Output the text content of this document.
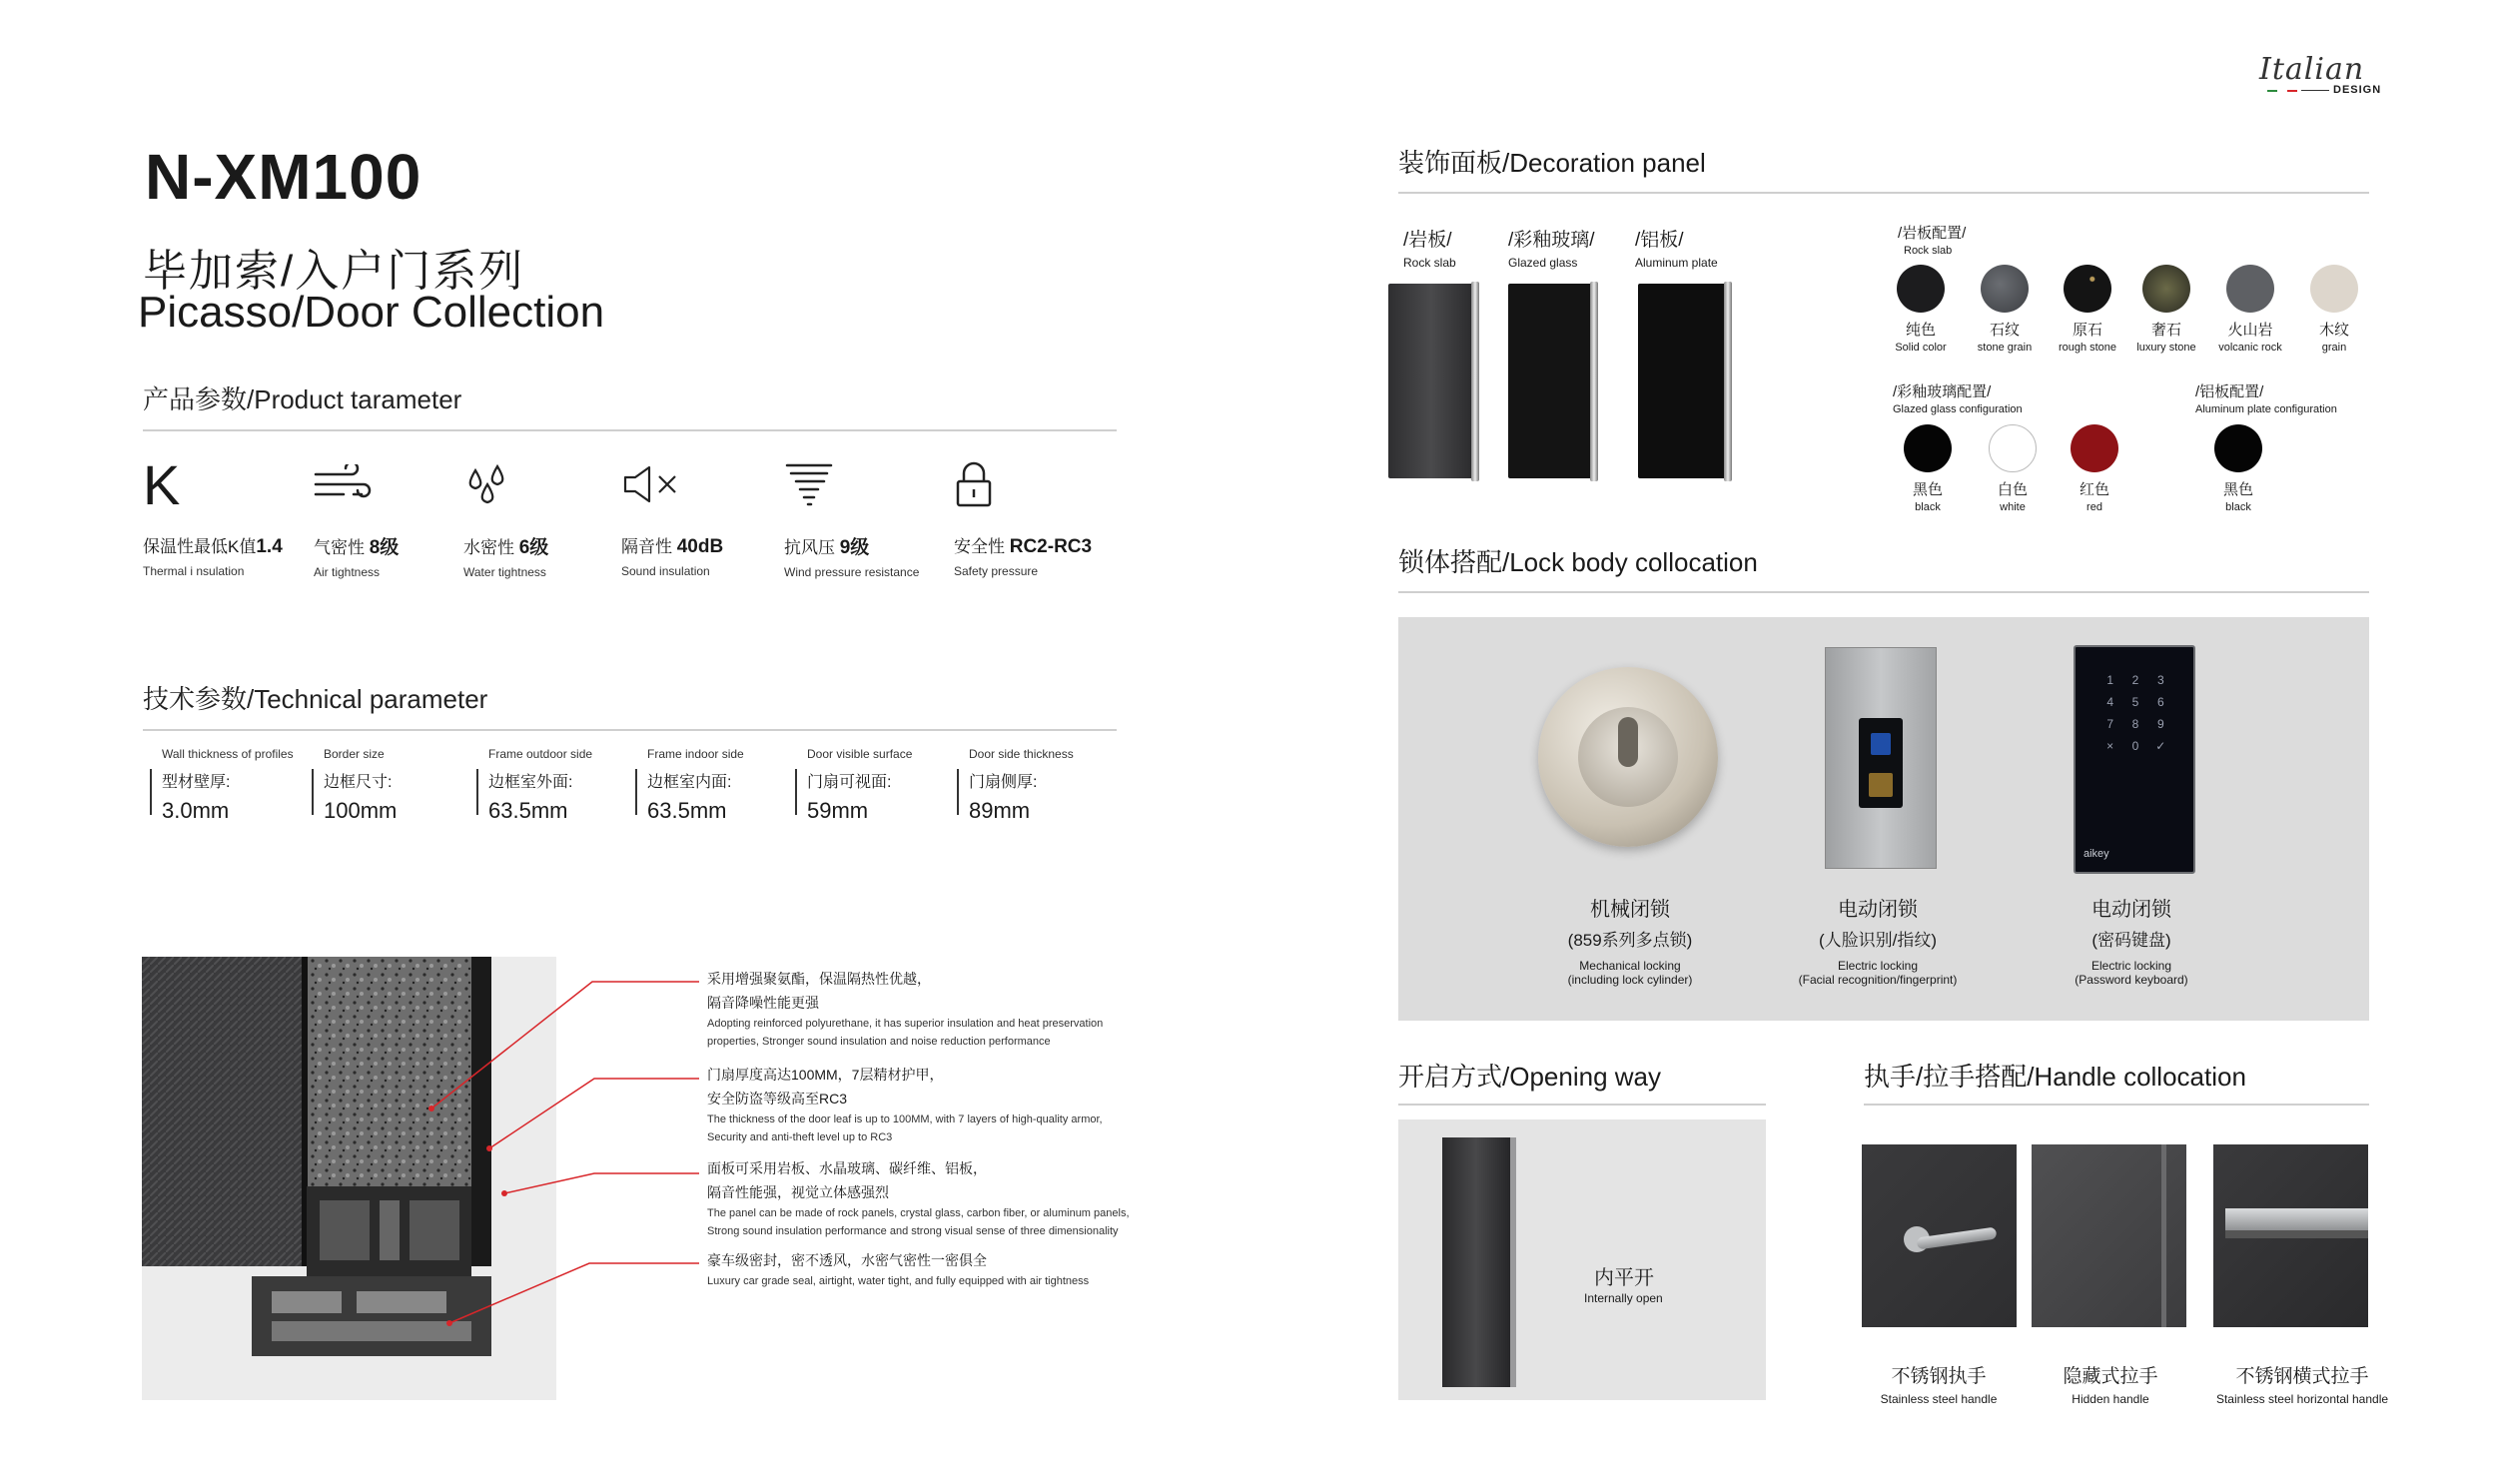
Italian
DESIGN
N-XM100
毕加索/入户门系列
Picasso/Door Collection
产品参数/Product tarameter
K
保温性最低K值1.4
Thermal i nsulation
气密性 8级
Air tightness
水密性 6级
Water tightness
隔音性 40dB
Sound insulation
抗风压 9级
Wind pressure resistance
安全性 RC2-RC3
Safety pressure
技术参数/Technical parameter
Wall thickness of profiles
型材壁厚:
3.0mm
Border size
边框尺寸:
100mm
Frame outdoor side
边框室外面:
63.5mm
Frame indoor side
边框室内面:
63.5mm
Door visible surface
门扇可视面:
59mm
Door side thickness
门扇侧厚:
89mm
采用增强聚氨酯，保温隔热性优越，
隔音降噪性能更强
Adopting reinforced polyurethane, it has superior insulation and heat preservation
properties, Stronger sound insulation and noise reduction performance
门扇厚度高达100MM，7层精材护甲，
安全防盗等级高至RC3
The thickness of the door leaf is up to 100MM, with 7 layers of high-quality armor,
Security and anti-theft level up to RC3
面板可采用岩板、水晶玻璃、碳纤维、铝板，
隔音性能强，视觉立体感强烈
The panel can be made of rock panels, crystal glass, carbon fiber, or aluminum panels,
Strong sound insulation performance and strong visual sense of three dimensionality
豪车级密封，密不透风，水密气密性一密俱全
Luxury car grade seal, airtight, water tight, and fully equipped with air tightness
装饰面板/Decoration panel
/岩板/
Rock slab
/彩釉玻璃/
Glazed glass
/铝板/
Aluminum plate
/岩板配置/
Rock slab
纯色
Solid color
石纹
stone grain
原石
rough stone
奢石
luxury stone
火山岩
volcanic rock
木纹
grain
/彩釉玻璃配置/
Glazed glass configuration
黑色
black
白色
white
红色
red
/铝板配置/
Aluminum plate configuration
黑色
black
锁体搭配/Lock body collocation
1	2	3
4	5	6
7	8	9
×	0	✓
aikey
机械闭锁
(859系列多点锁)
Mechanical locking
(including lock cylinder)
电动闭锁
(人脸识别/指纹)
Electric locking
(Facial recognition/fingerprint)
电动闭锁
(密码键盘)
Electric locking
(Password keyboard)
开启方式/Opening way
内平开
Internally open
执手/拉手搭配/Handle collocation
不锈钢执手
Stainless steel handle
隐藏式拉手
Hidden handle
不锈钢横式拉手
Stainless steel horizontal handle
